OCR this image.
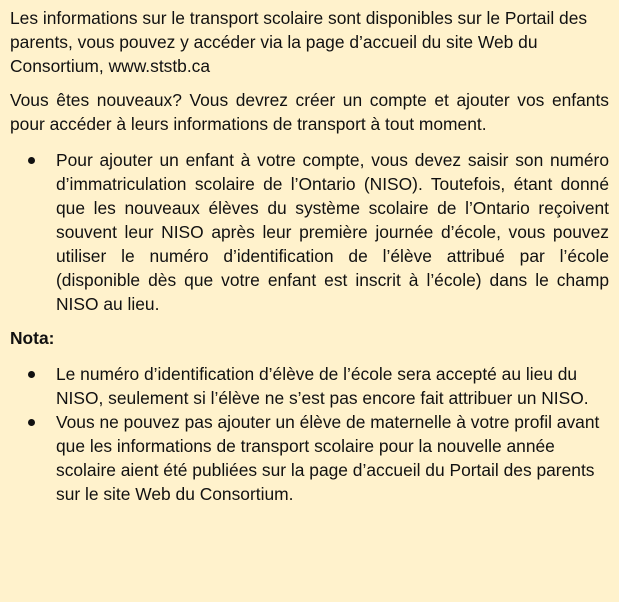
Les informations sur le transport scolaire sont disponibles sur le Portail des parents, vous pouvez y accéder via la page d’accueil du site Web du Consortium, www.ststb.ca

Vous êtes nouveaux? Vous devrez créer un compte et ajouter vos enfants pour accéder à leurs informations de transport à tout moment.

Pour ajouter un enfant à votre compte, vous devez saisir son numéro d’immatriculation scolaire de l’Ontario (NISO). Toutefois, étant donné que les nouveaux élèves du système scolaire de l’Ontario reçoivent souvent leur NISO après leur première journée d’école, vous pouvez utiliser le numéro d’identification de l’élève attribué par l’école (disponible dès que votre enfant est inscrit à l’école) dans le champ NISO au lieu.

Nota:

Le numéro d’identification d’élève de l’école sera accepté au lieu du NISO, seulement si l’élève ne s’est pas encore fait attribuer un NISO.
Vous ne pouvez pas ajouter un élève de maternelle à votre profil avant que les informations de transport scolaire pour la nouvelle année scolaire aient été publiées sur la page d’accueil du Portail des parents sur le site Web du Consortium.
